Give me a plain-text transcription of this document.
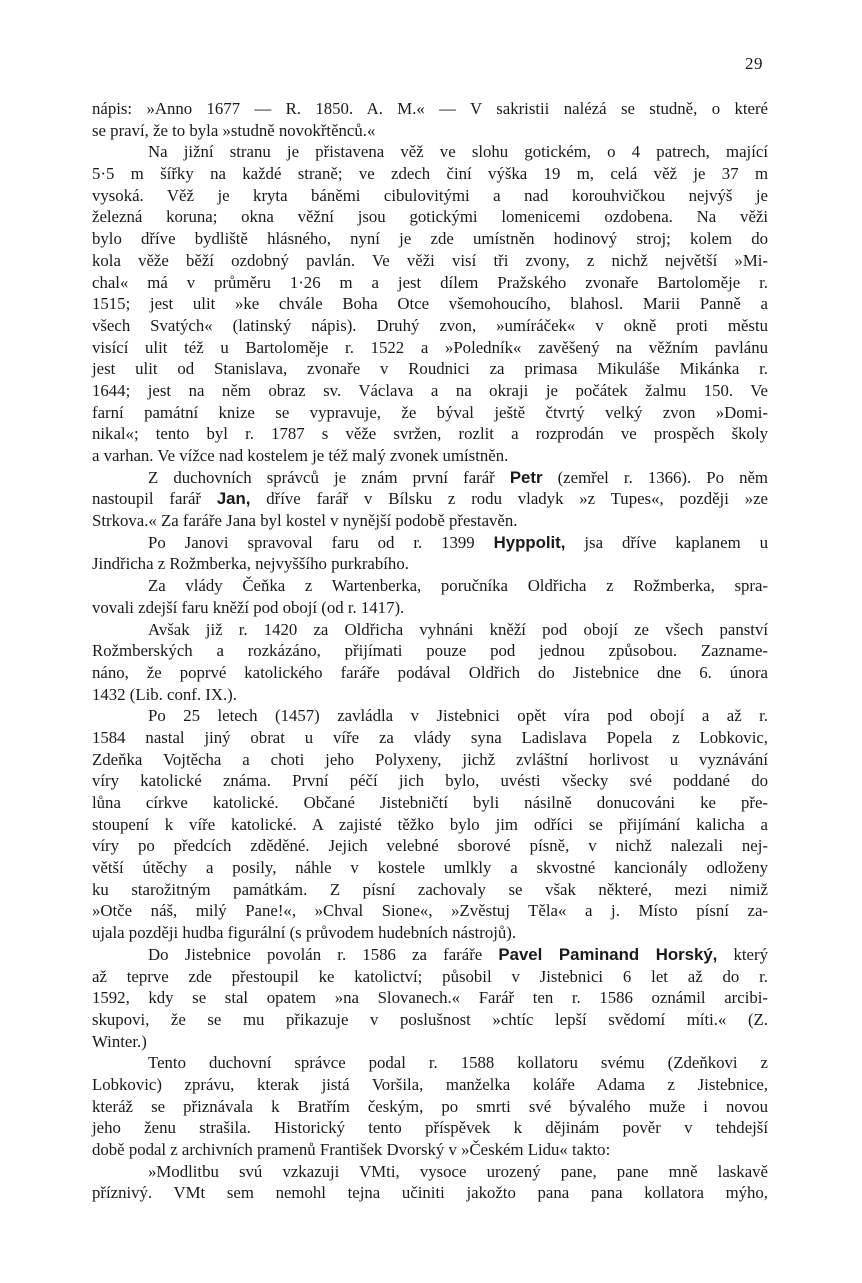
29
nápis: »Anno 1677 — R. 1850. A. M.« — V sakristii nalézá se studně, o které
se praví, že to byla »studně novokřtěnců.«
Na jižní stranu je přistavena věž ve slohu gotickém, o 4 patrech, mající
5·5 m šířky na každé straně; ve zdech činí výška 19 m, celá věž je 37 m
vysoká. Věž je kryta báněmi cibulovitými a nad korouhvičkou nejvýš je
železná koruna; okna věžní jsou gotickými lomenicemi ozdobena. Na věži
bylo dříve bydliště hlásného, nyní je zde umístněn hodinový stroj; kolem do
kola věže běží ozdobný pavlán. Ve věži visí tři zvony, z nichž největší »Mi-
chal« má v průměru 1·26 m a jest dílem Pražského zvonaře Bartoloměje r.
1515; jest ulit »ke chvále Boha Otce všemohoucího, blahosl. Marii Panně a
všech Svatých« (latinský nápis). Druhý zvon, »umíráček« v okně proti městu
visící ulit též u Bartoloměje r. 1522 a »Poledník« zavěšený na věžním pavlánu
jest ulit od Stanislava, zvonaře v Roudnici za primasa Mikuláše Mikánka r.
1644; jest na něm obraz sv. Václava a na okraji je počátek žalmu 150. Ve
farní památní knize se vypravuje, že býval ještě čtvrtý velký zvon »Domi-
nikal«; tento byl r. 1787 s věže svržen, rozlit a rozprodán ve prospěch školy
a varhan. Ve vížce nad kostelem je též malý zvonek umístněn.
Z duchovních správců je znám první farář Petr (zemřel r. 1366). Po něm
nastoupil farář Jan, dříve farář v Bílsku z rodu vladyk »z Tupes«, později »ze
Strkova.« Za faráře Jana byl kostel v nynější podobě přestavěn.
Po Janovi spravoval faru od r. 1399 Hyppolit, jsa dříve kaplanem u
Jindřicha z Rožmberka, nejvyššího purkrabího.
Za vlády Čeňka z Wartenberka, poručníka Oldřicha z Rožmberka, spra-
vovali zdejší faru kněží pod obojí (od r. 1417).
Avšak již r. 1420 za Oldřicha vyhnáni kněží pod obojí ze všech panství
Rožmberských a rozkázáno, přijímati pouze pod jednou způsobou. Zazname-
náno, že poprvé katolického faráře podával Oldřich do Jistebnice dne 6. února
1432 (Lib. conf. IX.).
Po 25 letech (1457) zavládla v Jistebnici opět víra pod obojí a až r.
1584 nastal jiný obrat u víře za vlády syna Ladislava Popela z Lobkovic,
Zdeňka Vojtěcha a choti jeho Polyxeny, jichž zvláštní horlivost u vyznávání
víry katolické známa. První péčí jich bylo, uvésti všecky své poddané do
lůna církve katolické. Občané Jistebničtí byli násilně donucováni ke pře-
stoupení k víře katolické. A zajisté těžko bylo jim odříci se přijímání kalicha a
víry po předcích zděděné. Jejich velebné sborové písně, v nichž nalezali nej-
větší útěchy a posily, náhle v kostele umlkly a skvostné kancionály odloženy
ku starožitným památkám. Z písní zachovaly se však některé, mezi nimiž
»Otče náš, milý Pane!«, »Chval Sione«, »Zvěstuj Těla« a j. Místo písní za-
ujala později hudba figurální (s průvodem hudebních nástrojů).
Do Jistebnice povolán r. 1586 za faráře Pavel Paminand Horský, který
až teprve zde přestoupil ke katolictví; působil v Jistebnici 6 let až do r.
1592, kdy se stal opatem »na Slovanech.« Farář ten r. 1586 oznámil arcibi-
skupovi, že se mu přikazuje v poslušnost »chtíc lepší svědomí míti.« (Z.
Winter.)
Tento duchovní správce podal r. 1588 kollatoru svému (Zdeňkovi z
Lobkovic) zprávu, kterak jistá Voršila, manželka koláře Adama z Jistebnice,
kteráž se přiznávala k Bratřím českým, po smrti své bývalého muže i novou
jeho ženu strašila. Historický tento příspěvek k dějinám pověr v tehdejší
době podal z archivních pramenů František Dvorský v »Českém Lidu« takto:
»Modlitbu svú vzkazuji VMti, vysoce urozený pane, pane mně laskavě
příznivý. VMt sem nemohl tejna učiniti jakožto pana pana kollatora mýho,
